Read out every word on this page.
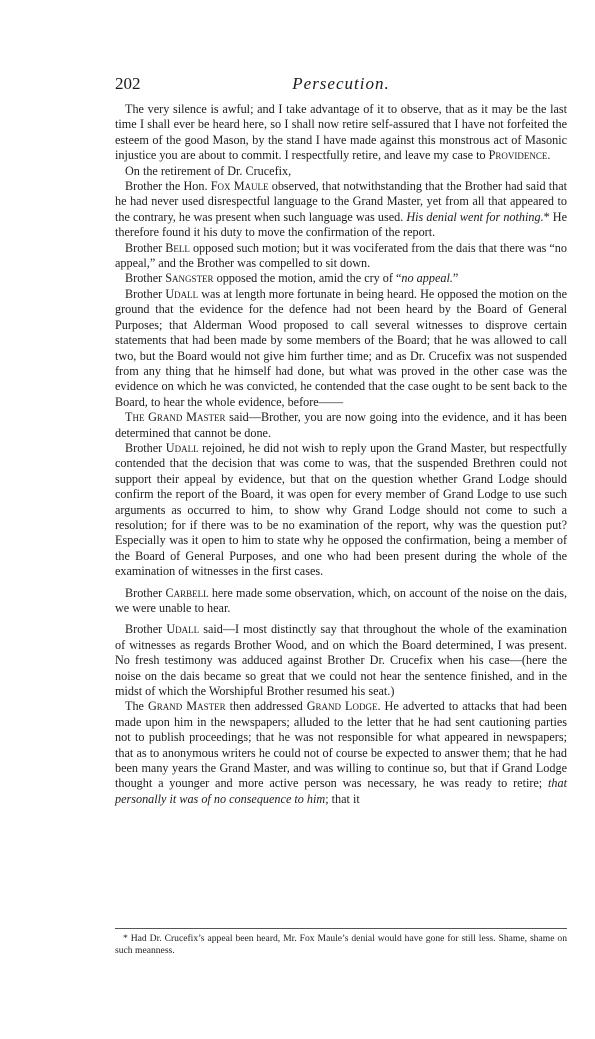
202	Persecution.

The very silence is awful; and I take advantage of it to observe, that as it may be the last time I shall ever be heard here, so I shall now retire self-assured that I have not forfeited the esteem of the good Mason, by the stand I have made against this monstrous act of Masonic injustice you are about to commit. I respectfully retire, and leave my case to Providence.

On the retirement of Dr. Crucefix,

Brother the Hon. Fox Maule observed, that notwithstanding that the Brother had said that he had never used disrespectful language to the Grand Master, yet from all that appeared to the contrary, he was present when such language was used. His denial went for nothing.* He therefore found it his duty to move the confirmation of the report.

Brother Bell opposed such motion; but it was vociferated from the dais that there was “no appeal,” and the Brother was compelled to sit down.

Brother Sangster opposed the motion, amid the cry of “no appeal.”

Brother Udall was at length more fortunate in being heard. He opposed the motion on the ground that the evidence for the defence had not been heard by the Board of General Purposes; that Alderman Wood proposed to call several witnesses to disprove certain statements that had been made by some members of the Board; that he was allowed to call two, but the Board would not give him further time; and as Dr. Crucefix was not suspended from any thing that he himself had done, but what was proved in the other case was the evidence on which he was convicted, he contended that the case ought to be sent back to the Board, to hear the whole evidence, before——

The Grand Master said—Brother, you are now going into the evidence, and it has been determined that cannot be done.

Brother Udall rejoined, he did not wish to reply upon the Grand Master, but respectfully contended that the decision that was come to was, that the suspended Brethren could not support their appeal by evidence, but that on the question whether Grand Lodge should confirm the report of the Board, it was open for every member of Grand Lodge to use such arguments as occurred to him, to show why Grand Lodge should not come to such a resolution; for if there was to be no examination of the report, why was the question put? Especially was it open to him to state why he opposed the confirmation, being a member of the Board of General Purposes, and one who had been present during the whole of the examination of witnesses in the first cases.

Brother Carbell here made some observation, which, on account of the noise on the dais, we were unable to hear.

Brother Udall said—I most distinctly say that throughout the whole of the examination of witnesses as regards Brother Wood, and on which the Board determined, I was present. No fresh testimony was adduced against Brother Dr. Crucefix when his case—(here the noise on the dais became so great that we could not hear the sentence finished, and in the midst of which the Worshipful Brother resumed his seat.)

The Grand Master then addressed Grand Lodge. He adverted to attacks that had been made upon him in the newspapers; alluded to the letter that he had sent cautioning parties not to publish proceedings; that he was not responsible for what appeared in newspapers; that as to anonymous writers he could not of course be expected to answer them; that he had been many years the Grand Master, and was willing to continue so, but that if Grand Lodge thought a younger and more active person was necessary, he was ready to retire; that personally it was of no consequence to him; that it

* Had Dr. Crucefix’s appeal been heard, Mr. Fox Maule’s denial would have gone for still less. Shame, shame on such meanness.
